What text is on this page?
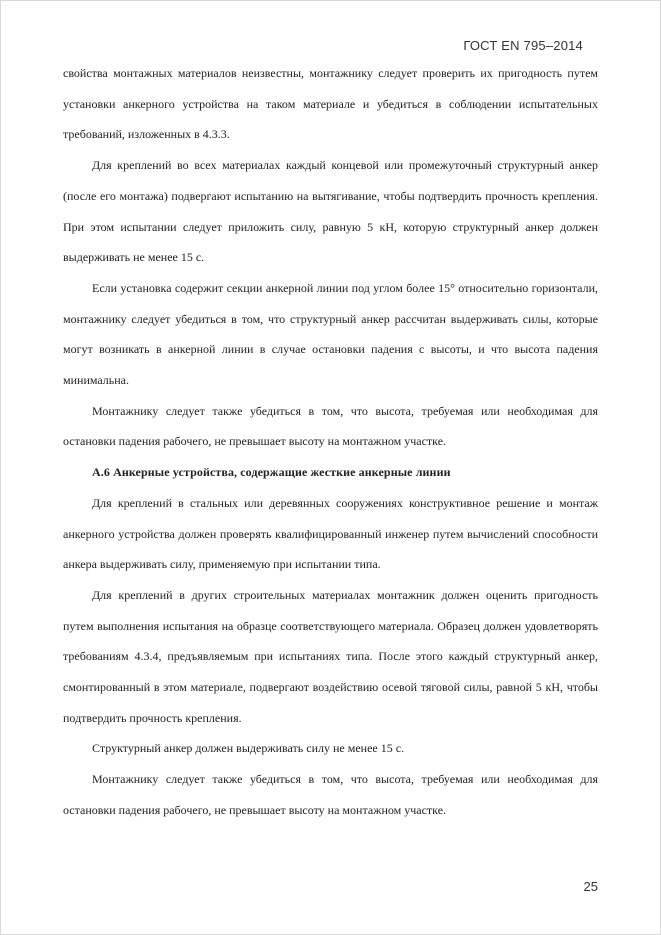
ГОСТ EN 795–2014

свойства монтажных материалов неизвестны, монтажнику следует проверить их пригодность путем установки анкерного устройства на таком материале и убедиться в соблюдении испытательных требований, изложенных в 4.3.3.

Для креплений во всех материалах каждый концевой или промежуточный структурный анкер (после его монтажа) подвергают испытанию на вытягивание, чтобы подтвердить прочность крепления. При этом испытании следует приложить силу, равную 5 кН, которую структурный анкер должен выдерживать не менее 15 с.

Если установка содержит секции анкерной линии под углом более 15° относительно горизонтали, монтажнику следует убедиться в том, что структурный анкер рассчитан выдерживать силы, которые могут возникать в анкерной линии в случае остановки падения с высоты, и что высота падения минимальна.

Монтажнику следует также убедиться в том, что высота, требуемая или необходимая для остановки падения рабочего, не превышает высоту на монтажном участке.

А.6 Анкерные устройства, содержащие жесткие анкерные линии

Для креплений в стальных или деревянных сооружениях конструктивное решение и монтаж анкерного устройства должен проверять квалифицированный инженер путем вычислений способности анкера выдерживать силу, применяемую при испытании типа.

Для креплений в других строительных материалах монтажник должен оценить пригодность путем выполнения испытания на образце соответствующего материала. Образец должен удовлетворять требованиям 4.3.4, предъявляемым при испытаниях типа. После этого каждый структурный анкер, смонтированный в этом материале, подвергают воздействию осевой тяговой силы, равной 5 кН, чтобы подтвердить прочность крепления.

Структурный анкер должен выдерживать силу не менее 15 с.

Монтажнику следует также убедиться в том, что высота, требуемая или необходимая для остановки падения рабочего, не превышает высоту на монтажном участке.

25
